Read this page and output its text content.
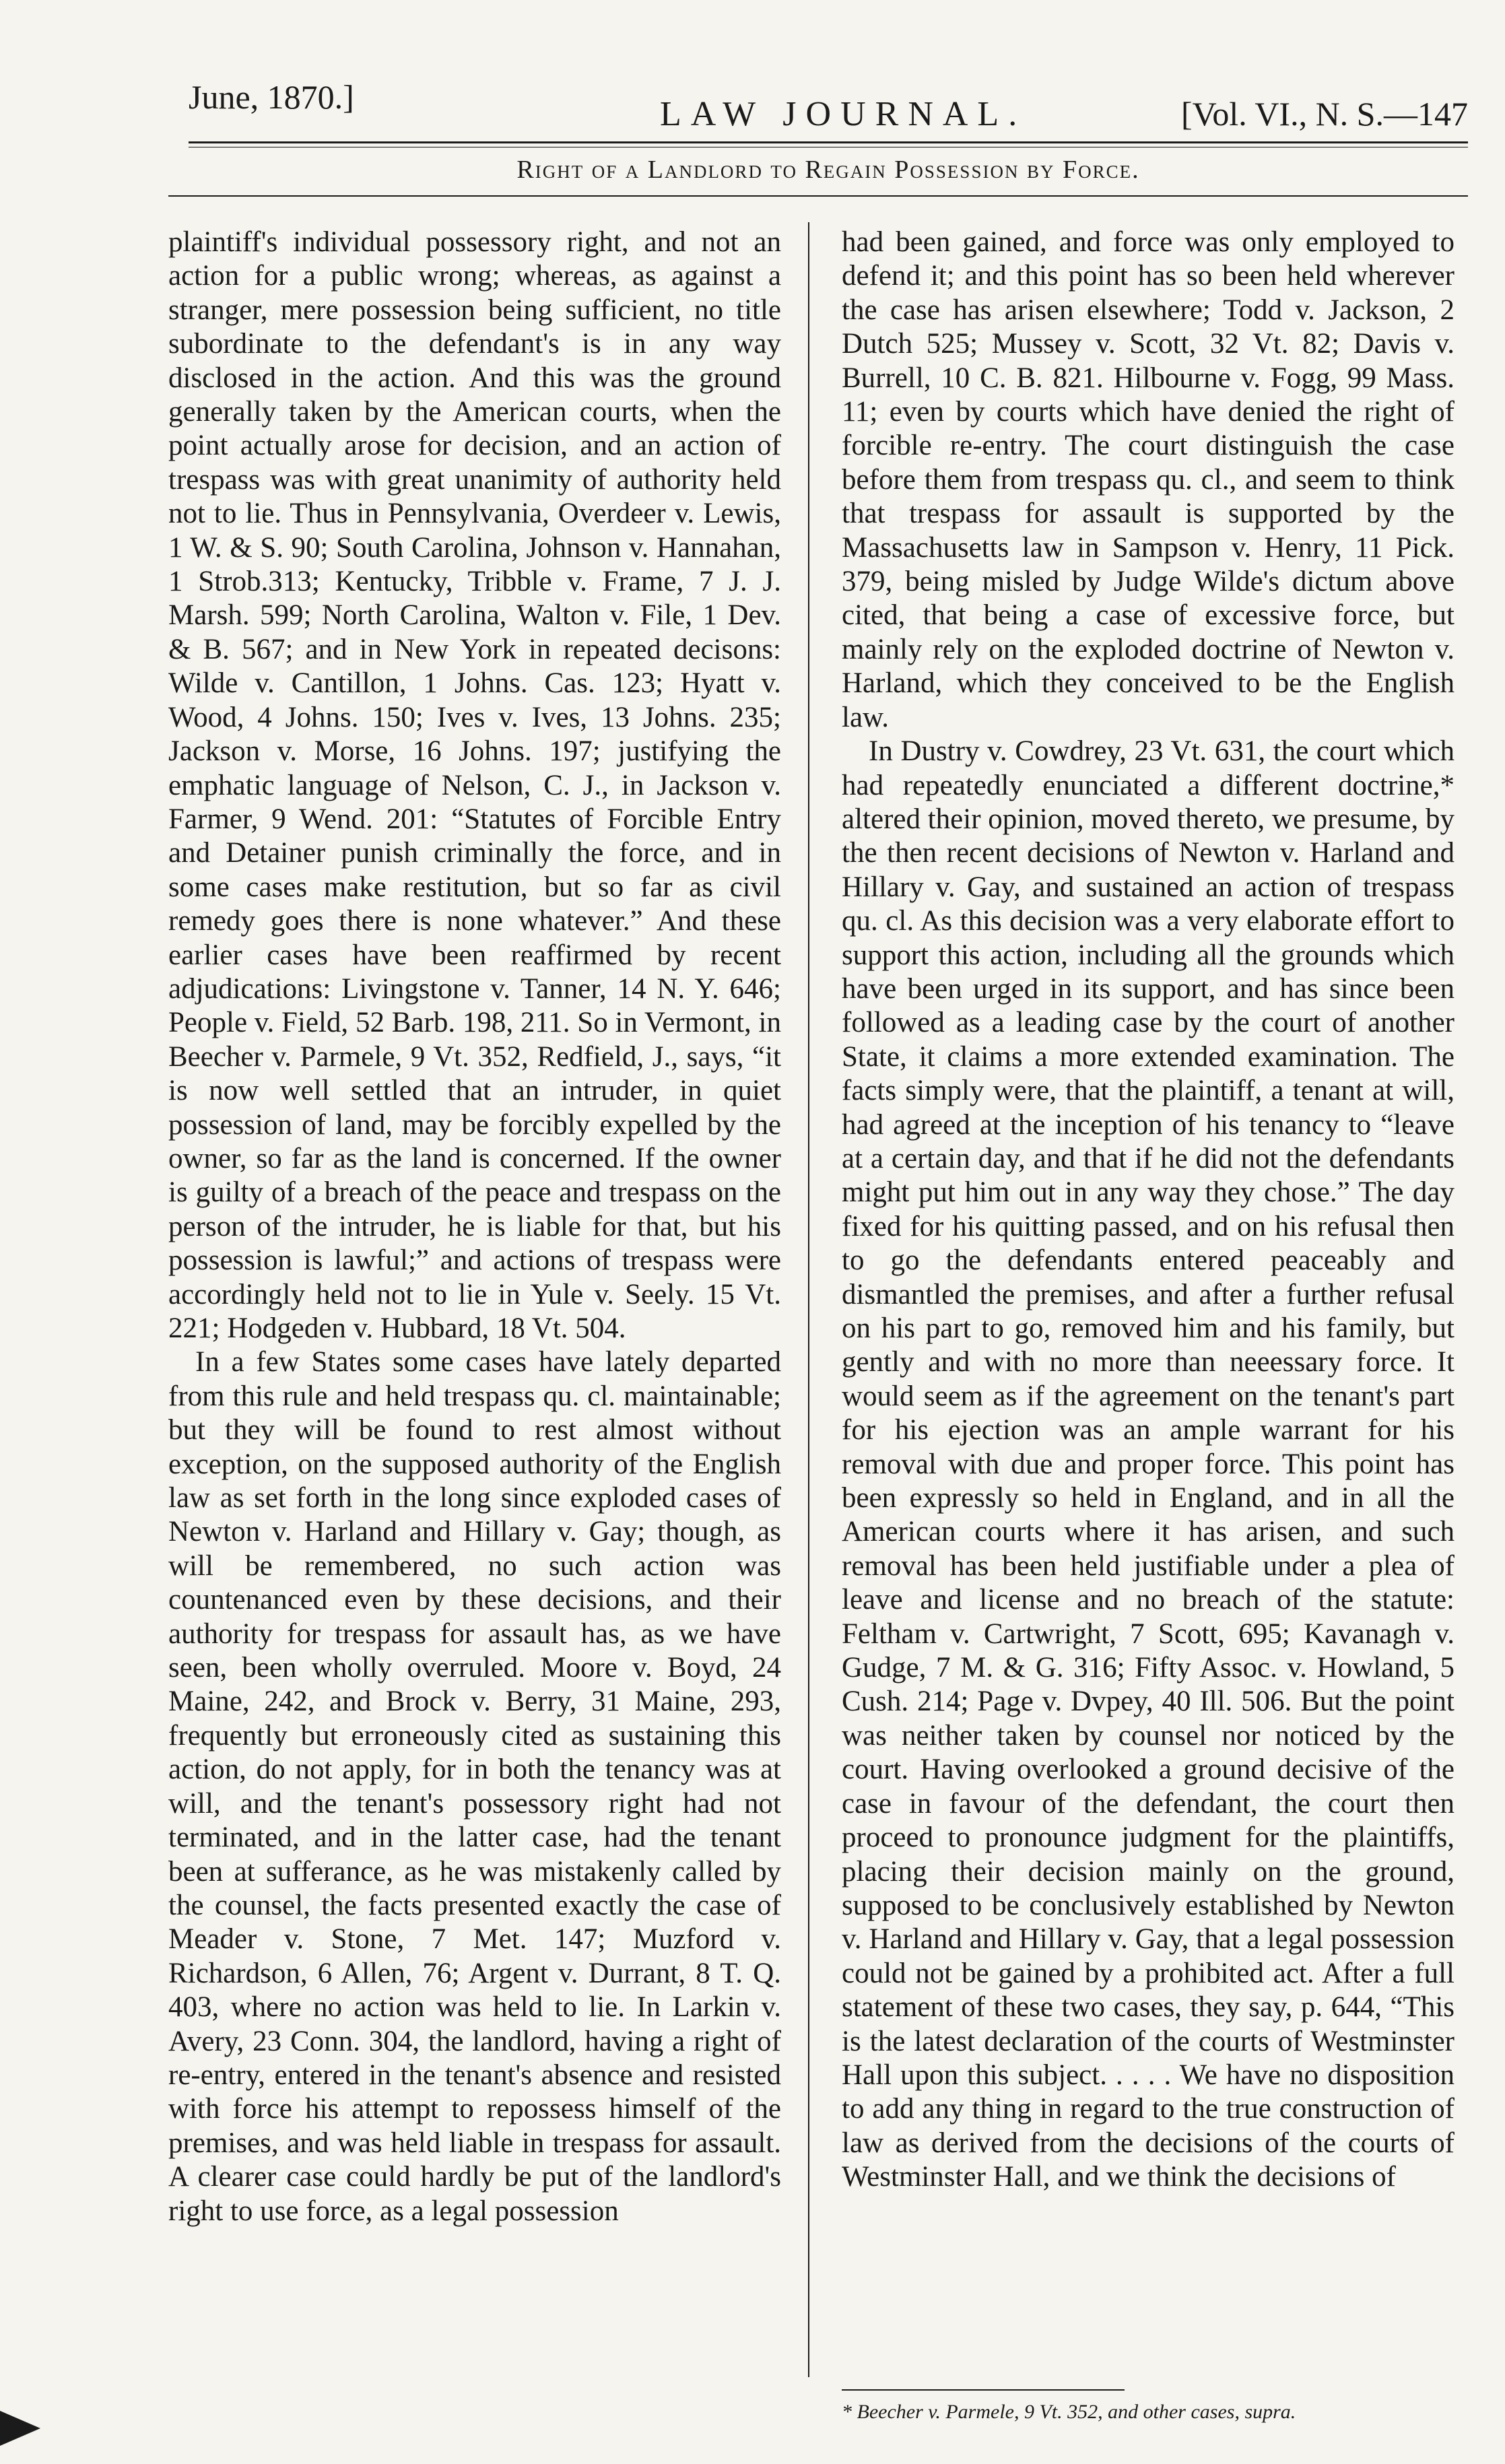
June, 1870.]	LAW JOURNAL.	[Vol. VI., N. S.—147
Right of a Landlord to Regain Possession by Force.

plaintiff's individual possessory right, and not an action for a public wrong; whereas, as against a stranger, mere possession being sufficient, no title subordinate to the defendant's is in any way disclosed in the action. And this was the ground generally taken by the American courts, when the point actually arose for decision, and an action of trespass was with great unanimity of authority held not to lie. Thus in Pennsylvania, Overdeer v. Lewis, 1 W. & S. 90; South Carolina, Johnson v. Hannahan, 1 Strob.313; Kentucky, Tribble v. Frame, 7 J. J. Marsh. 599; North Carolina, Walton v. File, 1 Dev. & B. 567; and in New York in repeated decisons: Wilde v. Cantillon, 1 Johns. Cas. 123; Hyatt v. Wood, 4 Johns. 150; Ives v. Ives, 13 Johns. 235; Jackson v. Morse, 16 Johns. 197; justifying the emphatic language of Nelson, C. J., in Jackson v. Farmer, 9 Wend. 201: “Statutes of Forcible Entry and Detainer punish criminally the force, and in some cases make restitution, but so far as civil remedy goes there is none whatever.” And these earlier cases have been reaffirmed by recent adjudications: Livingstone v. Tanner, 14 N. Y. 646; People v. Field, 52 Barb. 198, 211. So in Vermont, in Beecher v. Parmele, 9 Vt. 352, Redfield, J., says, “it is now well settled that an intruder, in quiet possession of land, may be forcibly expelled by the owner, so far as the land is concerned. If the owner is guilty of a breach of the peace and trespass on the person of the intruder, he is liable for that, but his possession is lawful;” and actions of trespass were accordingly held not to lie in Yule v. Seely. 15 Vt. 221; Hodgeden v. Hubbard, 18 Vt. 504.

In a few States some cases have lately departed from this rule and held trespass qu. cl. maintainable; but they will be found to rest almost without exception, on the supposed authority of the English law as set forth in the long since exploded cases of Newton v. Harland and Hillary v. Gay; though, as will be remembered, no such action was countenanced even by these decisions, and their authority for trespass for assault has, as we have seen, been wholly overruled. Moore v. Boyd, 24 Maine, 242, and Brock v. Berry, 31 Maine, 293, frequently but erroneously cited as sustaining this action, do not apply, for in both the tenancy was at will, and the tenant's possessory right had not terminated, and in the latter case, had the tenant been at sufferance, as he was mistakenly called by the counsel, the facts presented exactly the case of Meader v. Stone, 7 Met. 147; Muzford v. Richardson, 6 Allen, 76; Argent v. Durrant, 8 T. Q. 403, where no action was held to lie. In Larkin v. Avery, 23 Conn. 304, the landlord, having a right of re-entry, entered in the tenant's absence and resisted with force his attempt to repossess himself of the premises, and was held liable in trespass for assault. A clearer case could hardly be put of the landlord's right to use force, as a legal possession

had been gained, and force was only employed to defend it; and this point has so been held wherever the case has arisen elsewhere; Todd v. Jackson, 2 Dutch 525; Mussey v. Scott, 32 Vt. 82; Davis v. Burrell, 10 C. B. 821. Hilbourne v. Fogg, 99 Mass. 11; even by courts which have denied the right of forcible re-entry. The court distinguish the case before them from trespass qu. cl., and seem to think that trespass for assault is supported by the Massachusetts law in Sampson v. Henry, 11 Pick. 379, being misled by Judge Wilde's dictum above cited, that being a case of excessive force, but mainly rely on the exploded doctrine of Newton v. Harland, which they conceived to be the English law.

In Dustry v. Cowdrey, 23 Vt. 631, the court which had repeatedly enunciated a different doctrine,* altered their opinion, moved thereto, we presume, by the then recent decisions of Newton v. Harland and Hillary v. Gay, and sustained an action of trespass qu. cl. As this decision was a very elaborate effort to support this action, including all the grounds which have been urged in its support, and has since been followed as a leading case by the court of another State, it claims a more extended examination. The facts simply were, that the plaintiff, a tenant at will, had agreed at the inception of his tenancy to “leave at a certain day, and that if he did not the defendants might put him out in any way they chose.” The day fixed for his quitting passed, and on his refusal then to go the defendants entered peaceably and dismantled the premises, and after a further refusal on his part to go, removed him and his family, but gently and with no more than neeessary force. It would seem as if the agreement on the tenant's part for his ejection was an ample warrant for his removal with due and proper force. This point has been expressly so held in England, and in all the American courts where it has arisen, and such removal has been held justifiable under a plea of leave and license and no breach of the statute: Feltham v. Cartwright, 7 Scott, 695; Kavanagh v. Gudge, 7 M. & G. 316; Fifty Assoc. v. Howland, 5 Cush. 214; Page v. Dvpey, 40 Ill. 506. But the point was neither taken by counsel nor noticed by the court. Having overlooked a ground decisive of the case in favour of the defendant, the court then proceed to pronounce judgment for the plaintiffs, placing their decision mainly on the ground, supposed to be conclusively established by Newton v. Harland and Hillary v. Gay, that a legal possession could not be gained by a prohibited act. After a full statement of these two cases, they say, p. 644, “This is the latest declaration of the courts of Westminster Hall upon this subject. . . . . We have no disposition to add any thing in regard to the true construction of law as derived from the decisions of the courts of Westminster Hall, and we think the decisions of

* Beecher v. Parmele, 9 Vt. 352, and other cases, supra.
